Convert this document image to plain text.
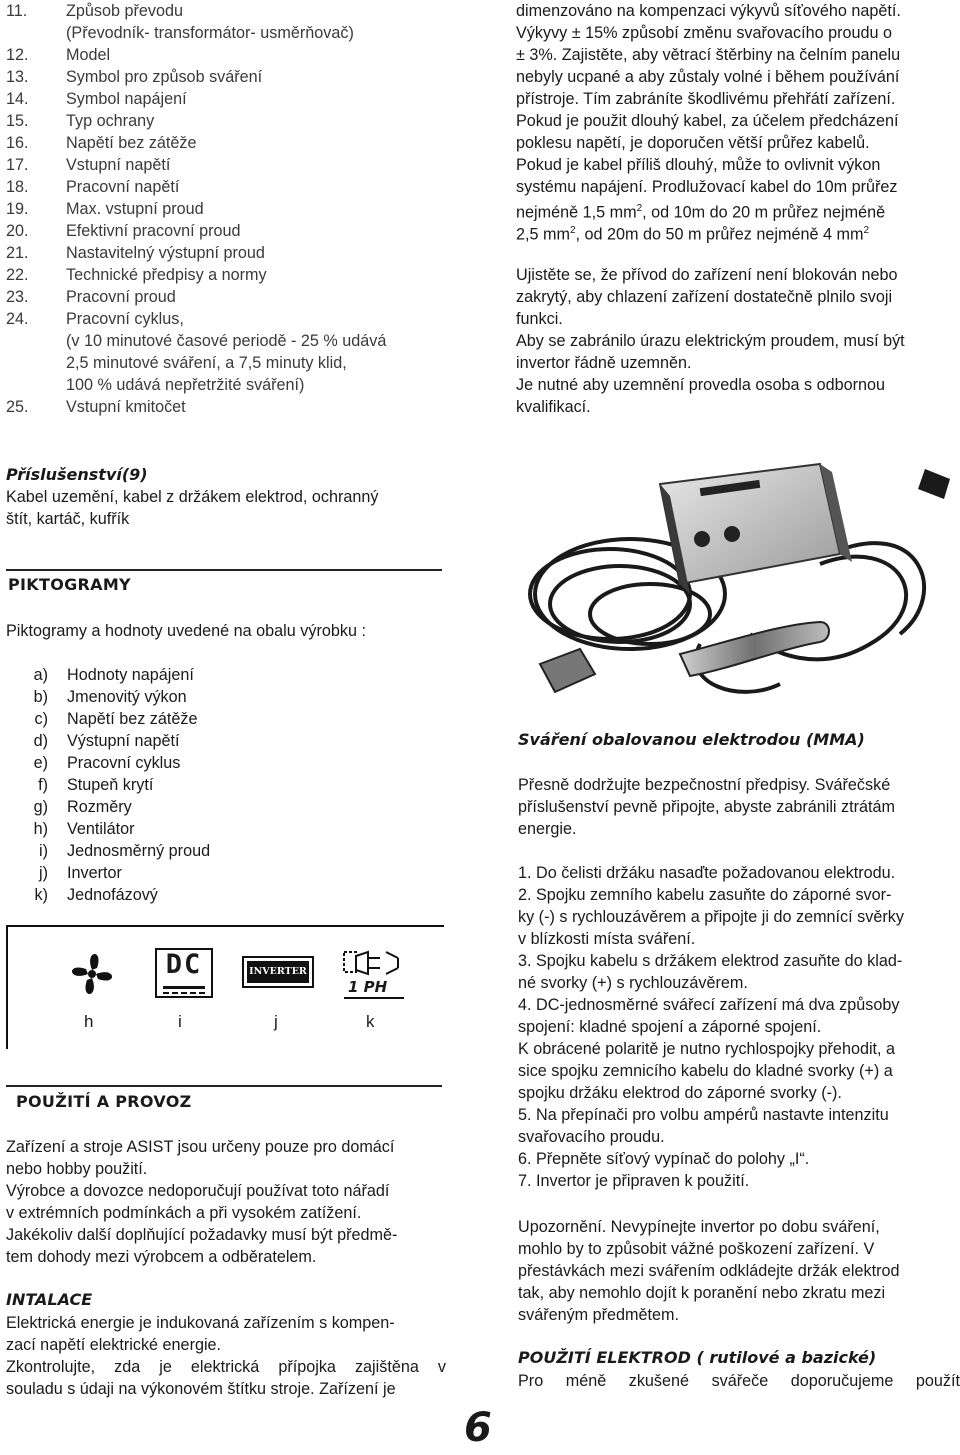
11. Způsob převodu
(Převodník- transformátor- usměrňovač)
12. Model
13. Symbol pro způsob sváření
14. Symbol napájení
15. Typ ochrany
16. Napětí bez zátěže
17. Vstupní napětí
18. Pracovní napětí
19. Max. vstupní proud
20. Efektivní pracovní proud
21. Nastavitelný výstupní proud
22. Technické předpisy a normy
23. Pracovní proud
24. Pracovní cyklus,
(v 10 minutové časové periodě - 25 % udává
2,5 minutové sváření, a 7,5 minuty klid,
100 % udává nepřetržité sváření)
25. Vstupní kmitočet
Příslušenství(9)
Kabel uzemění, kabel z držákem elektrod, ochranný
štít, kartáč, kufřík
PIKTOGRAMY
Piktogramy a hodnoty uvedené na obalu výrobku :
a) Hodnoty napájení
b) Jmenovitý výkon
c) Napětí bez zátěže
d) Výstupní napětí
e) Pracovní cyklus
f) Stupeň krytí
g) Rozměry
h) Ventilátor
i) Jednosměrný proud
j) Invertor
k) Jednofázový
DC	INVERTER
1 PH
h	i	j	k
POUŽITÍ A PROVOZ
Zařízení a stroje ASIST jsou určeny pouze pro domácí
nebo hobby použití.
Výrobce a dovozce nedoporučují používat toto nářadí
v extrémních podmínkách a při vysokém zatížení.
Jakékoliv další doplňující požadavky musí být předmě-
tem dohody mezi výrobcem a odběratelem.
INTALACE
Elektrická energie je indukovaná zařízením s kompen-
zací napětí elektrické energie.
Zkontrolujte, zda je elektrická přípojka zajištěna v
souladu s údaji na výkonovém štítku stroje. Zařízení je
dimenzováno na kompenzaci výkyvů síťového napětí.
Výkyvy ± 15% způsobí změnu svařovacího proudu o
± 3%. Zajistěte, aby větrací štěrbiny na čelním panelu
nebyly ucpané a aby zůstaly volné i během používání
přístroje. Tím zabráníte škodlivému přehřátí zařízení.
Pokud je použit dlouhý kabel, za účelem předcházení
poklesu napětí, je doporučen větší průřez kabelů.
Pokud je kabel příliš dlouhý, může to ovlivnit výkon
systému napájení. Prodlužovací kabel do 10m průřez
nejméně 1,5 $mm^2$, od 10m do 20 m průřez nejméně
2,5 $mm^2$, od 20m do 50 m průřez nejméně 4 $mm^2$
Ujistěte se, že přívod do zařízení není blokován nebo
zakrytý, aby chlazení zařízení dostatečně plnilo svoji
funkci.
Aby se zabránilo úrazu elektrickým proudem, musí být
invertor řádně uzemněn.
Je nutné aby uzemnění provedla osoba s odbornou
kvalifikací.
Sváření obalovanou elektrodou (MMA)
Přesně dodržujte bezpečnostní předpisy. Svářečské
příslušenství pevně připojte, abyste zabránili ztrátám
energie.
1. Do čelisti držáku nasaďte požadovanou elektrodu.
2. Spojku zemního kabelu zasuňte do záporné svor-
ky (-) s rychlouzávěrem a připojte ji do zemnící svěrky
v blízkosti místa sváření.
3. Spojku kabelu s držákem elektrod zasuňte do klad-
né svorky (+) s rychlouzávěrem.
4. DC-jednosměrné svářecí zařízení má dva způsoby
spojení: kladné spojení a záporné spojení.
K obrácené polaritě je nutno rychlospojky přehodit, a
sice spojku zemnicího kabelu do kladné svorky (+) a
spojku držáku elektrod do záporné svorky (-).
5. Na přepínači pro volbu ampérů nastavte intenzitu
svařovacího proudu.
6. Přepněte síťový vypínač do polohy „I“.
7. Invertor je připraven k použití.
Upozornění. Nevypínejte invertor po dobu sváření,
mohlo by to způsobit vážné poškození zařízení. V
přestávkách mezi svářením odkládejte držák elektrod
tak, aby nemohlo dojít k poranění nebo zkratu mezi
svářeným předmětem.
POUŽITÍ ELEKTROD ( rutilové a bazické)
Pro méně zkušené svářeče doporučujeme použít
6
